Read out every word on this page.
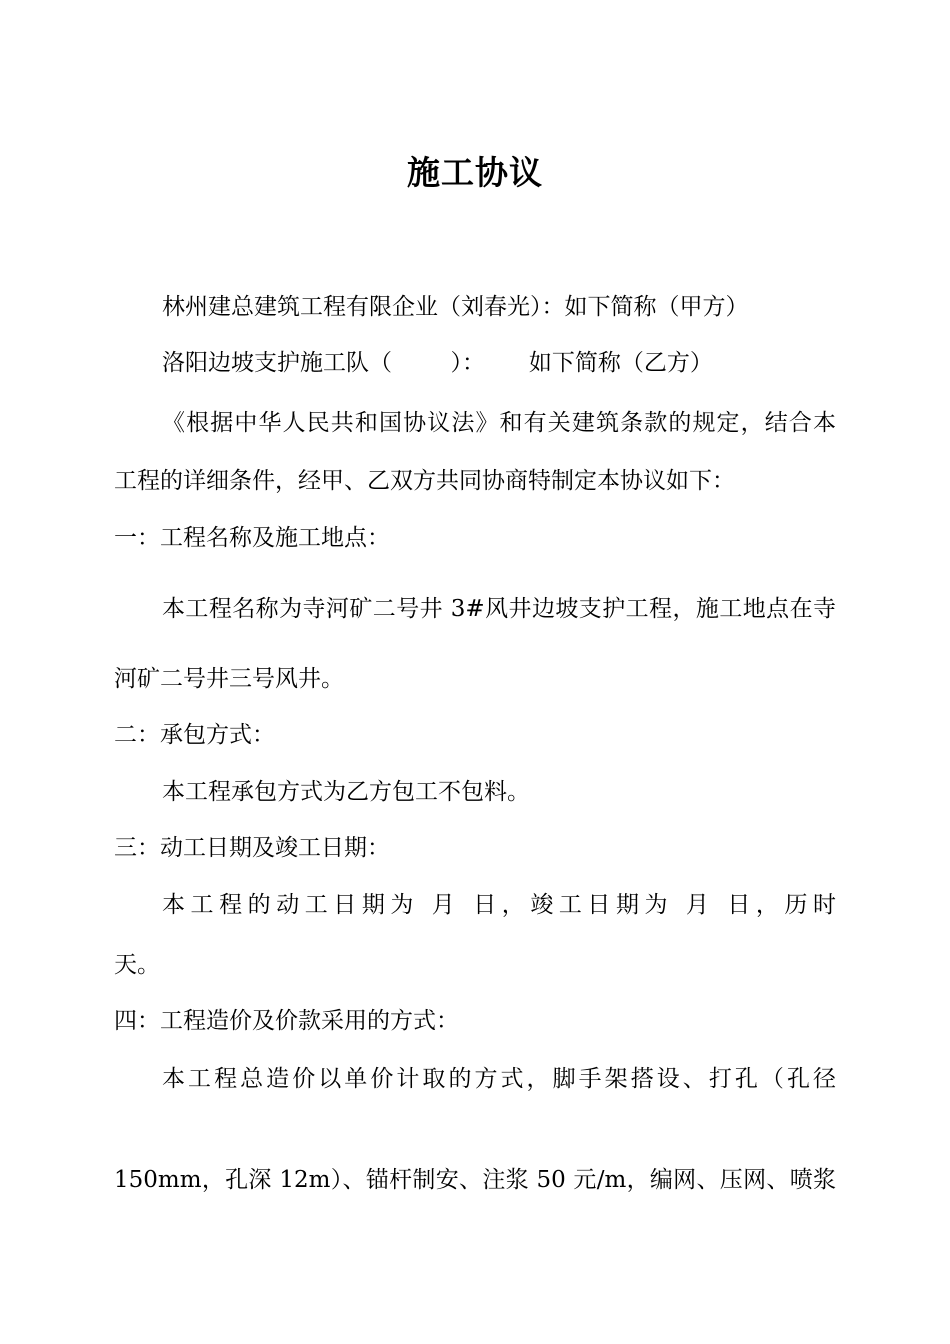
施工协议

林州建总建筑工程有限企业（刘春光）：如下简称（甲方）

洛阳边坡支护施工队（        ）：      如下简称（乙方）

《根据中华人民共和国协议法》和有关建筑条款的规定，结合本

工程的详细条件，经甲、乙双方共同协商特制定本协议如下：

一：工程名称及施工地点：

本工程名称为寺河矿二号井 3#风井边坡支护工程，施工地点在寺

河矿二号井三号风井。

二：承包方式：

本工程承包方式为乙方包工不包料。

三：动工日期及竣工日期：

本工程的动工日期为 月 日，竣工日期为 月 日，历时

天。

四：工程造价及价款采用的方式：

本工程总造价以单价计取的方式，脚手架搭设、打孔（孔径

150mm，孔深 12m）、锚杆制安、注浆 50 元/m，编网、压网、喷浆
